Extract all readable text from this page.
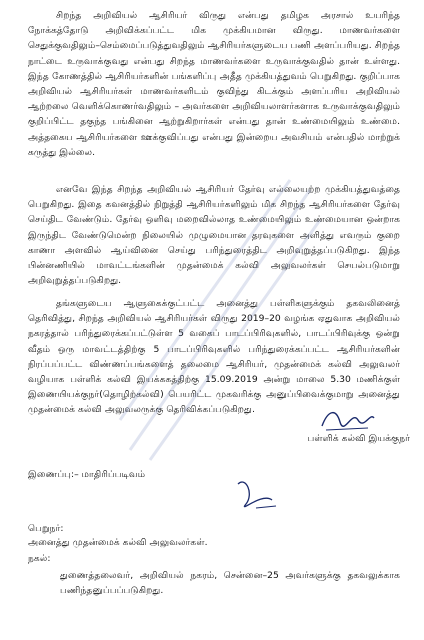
சிறந்த அறிவியல் ஆசிரியர் விருது என்பது தமிழக அரசால் உயரிந்த நோக்கத்தோடு அறிவிக்கப்பட்ட மிக முக்கியமான விருது. மாணவர்களை செதுக்குவதிலும்–செம்மைப்படுத்துவதிலும் ஆசிரியர்களுடைய பணி அளப்பரியது. சிறந்த நாட்டை உருவாக்குவது என்பது சிறந்த மாணவர்களை உருவாக்குவதில் தான் உள்ளது. இந்த கோணத்தில் ஆசிரியர்களின் பங்களிப்பு அதீத முக்கியத்துவம் பெறுகிறது. குறிப்பாக அறிவியல் ஆசிரியர்கள் மாணவர்களிடம் குவிந்து கிடக்கும் அளப்பரிய அறிவியல் ஆற்றலை வெளிக்கொணர்வதிலும் – அவர்களை அறிவியலாளர்களாக உருவாக்குவதிலும் குறிப்பிட்ட தகுந்த பங்கினை ஆற்றுகிறார்கள் என்பது தான் உண்மையிலும் உண்மை. அத்தகைய ஆசிரியர்களை ஊக்குவிப்பது என்பது இன்றைய அவசியம் என்பதில் மாற்றுக் கருத்து இல்லை.

எனவே இந்த சிறந்த அறிவியல் ஆசிரியர் தேர்வு எல்லையற்ற முக்கியத்துவத்தை பெறுகிறது. இதை கவனத்தில் நிறுத்தி ஆசிரியர்களிலும் மிக சிறந்த ஆசிரியர்களை தேர்வு செய்திட வேண்டும். தேர்வு ஒளிவு மறைவில்லாத உண்மையிலும் உண்மையான ஒன்றாக இருந்திட வேண்டுமென்ற நிலையில் முழுமையான தரவுகளை அளித்து எவரும் குறை காணா அளவில் ஆய்வினை செய்து பரிந்துரைத்திட அறிவுறுத்தப்படுகிறது. இந்த பின்னணியில் மாவட்டங்களின் முதன்மைக் கல்வி அலுவலர்கள் செயல்படுமாறு அறிவுறுத்தப்படுகிறது.

தங்களுடைய ஆளுகைக்குட்பட்ட அனைத்து பள்ளிகளுக்கும் தகவலினைத் தெரிவித்து, சிறந்த அறிவியல் ஆசிரியர்கள் விருது 2019–20 வழங்க ஏதுவாக அறிவியல் நகரத்தால் பரிந்துரைக்கப்பட்டுள்ள 5 வகைப் பாடப்பிரிவுகளில், பாடப்பிரிவுக்கு ஒன்று வீதம் ஒரு மாவட்டத்திற்கு 5 பாடப்பிரிவுகளில் பரிந்துரைக்கப்பட்ட ஆசிரியர்களின் நிரப்பப்பட்ட விண்ணப்பங்களைத் தலைமை ஆசிரியர், முதன்மைக் கல்வி அலுவலர் வழியாக பள்ளிக் கல்வி இயக்ககத்திற்கு 15.09.2019 அன்று மாலை 5.30 மணிக்குள் இணையியக்குநர்(தொழிற்கல்வி) பெயரிட்ட முகவரிக்கு அனுப்பிவைக்குமாறு அனைத்து முதன்மைக் கல்வி அலுவலருக்கு தெரிவிக்கப்படுகிறது.

பள்ளிக் கல்வி இயக்குநர்

இணைப்பு:– மாதிரிப்படிவம்

பெறுநர்:

அனைத்து முதன்மைக் கல்வி அலுவலர்கள்.

நகல்:

துணைத்தலைவர், அறிவியல் நகரம், சென்னை–25 அவர்களுக்கு தகவலுக்காக பணிந்தனுப்பப்படுகிறது.
